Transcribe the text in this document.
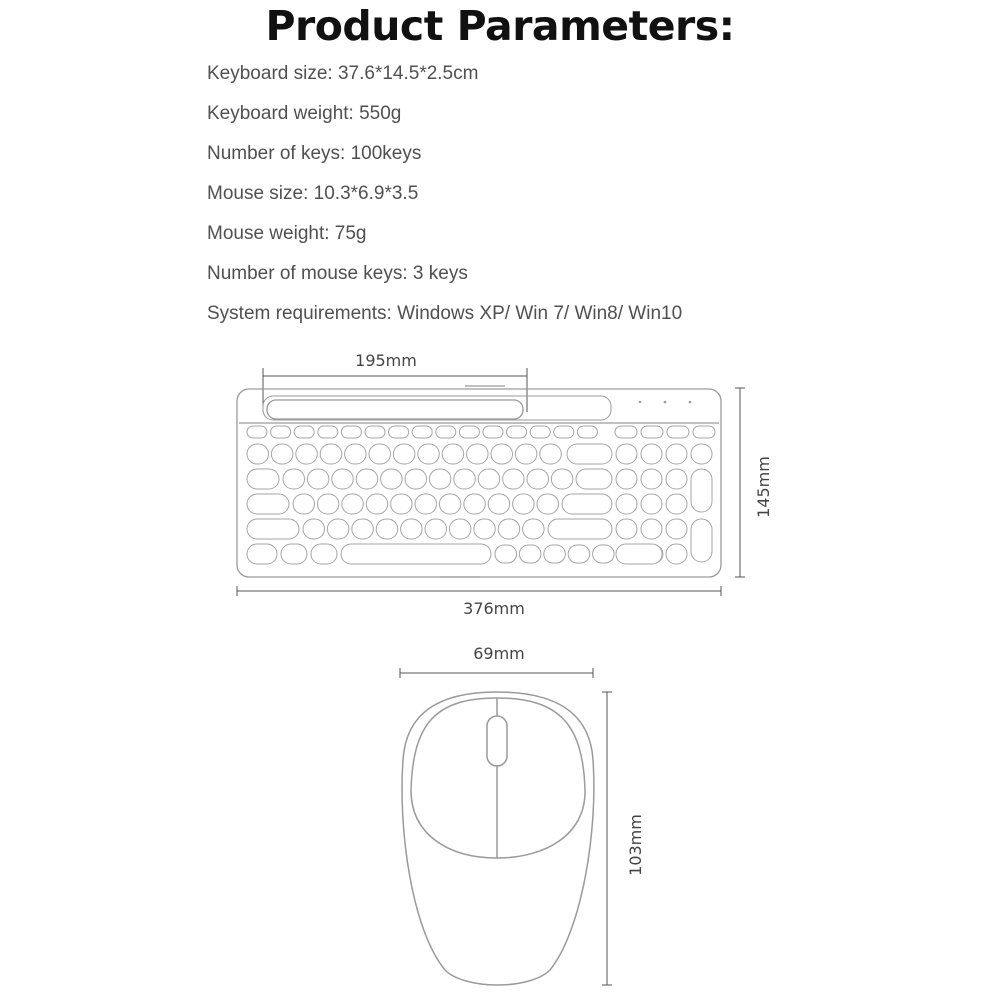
Product Parameters:
Keyboard size: 37.6*14.5*2.5cm
Keyboard weight: 550g
Number of keys: 100keys
Mouse size: 10.3*6.9*3.5
Mouse weight: 75g
Number of mouse keys: 3 keys
System requirements: Windows XP/ Win 7/ Win8/ Win10
195mm
376mm
145mm
69mm
103mm
